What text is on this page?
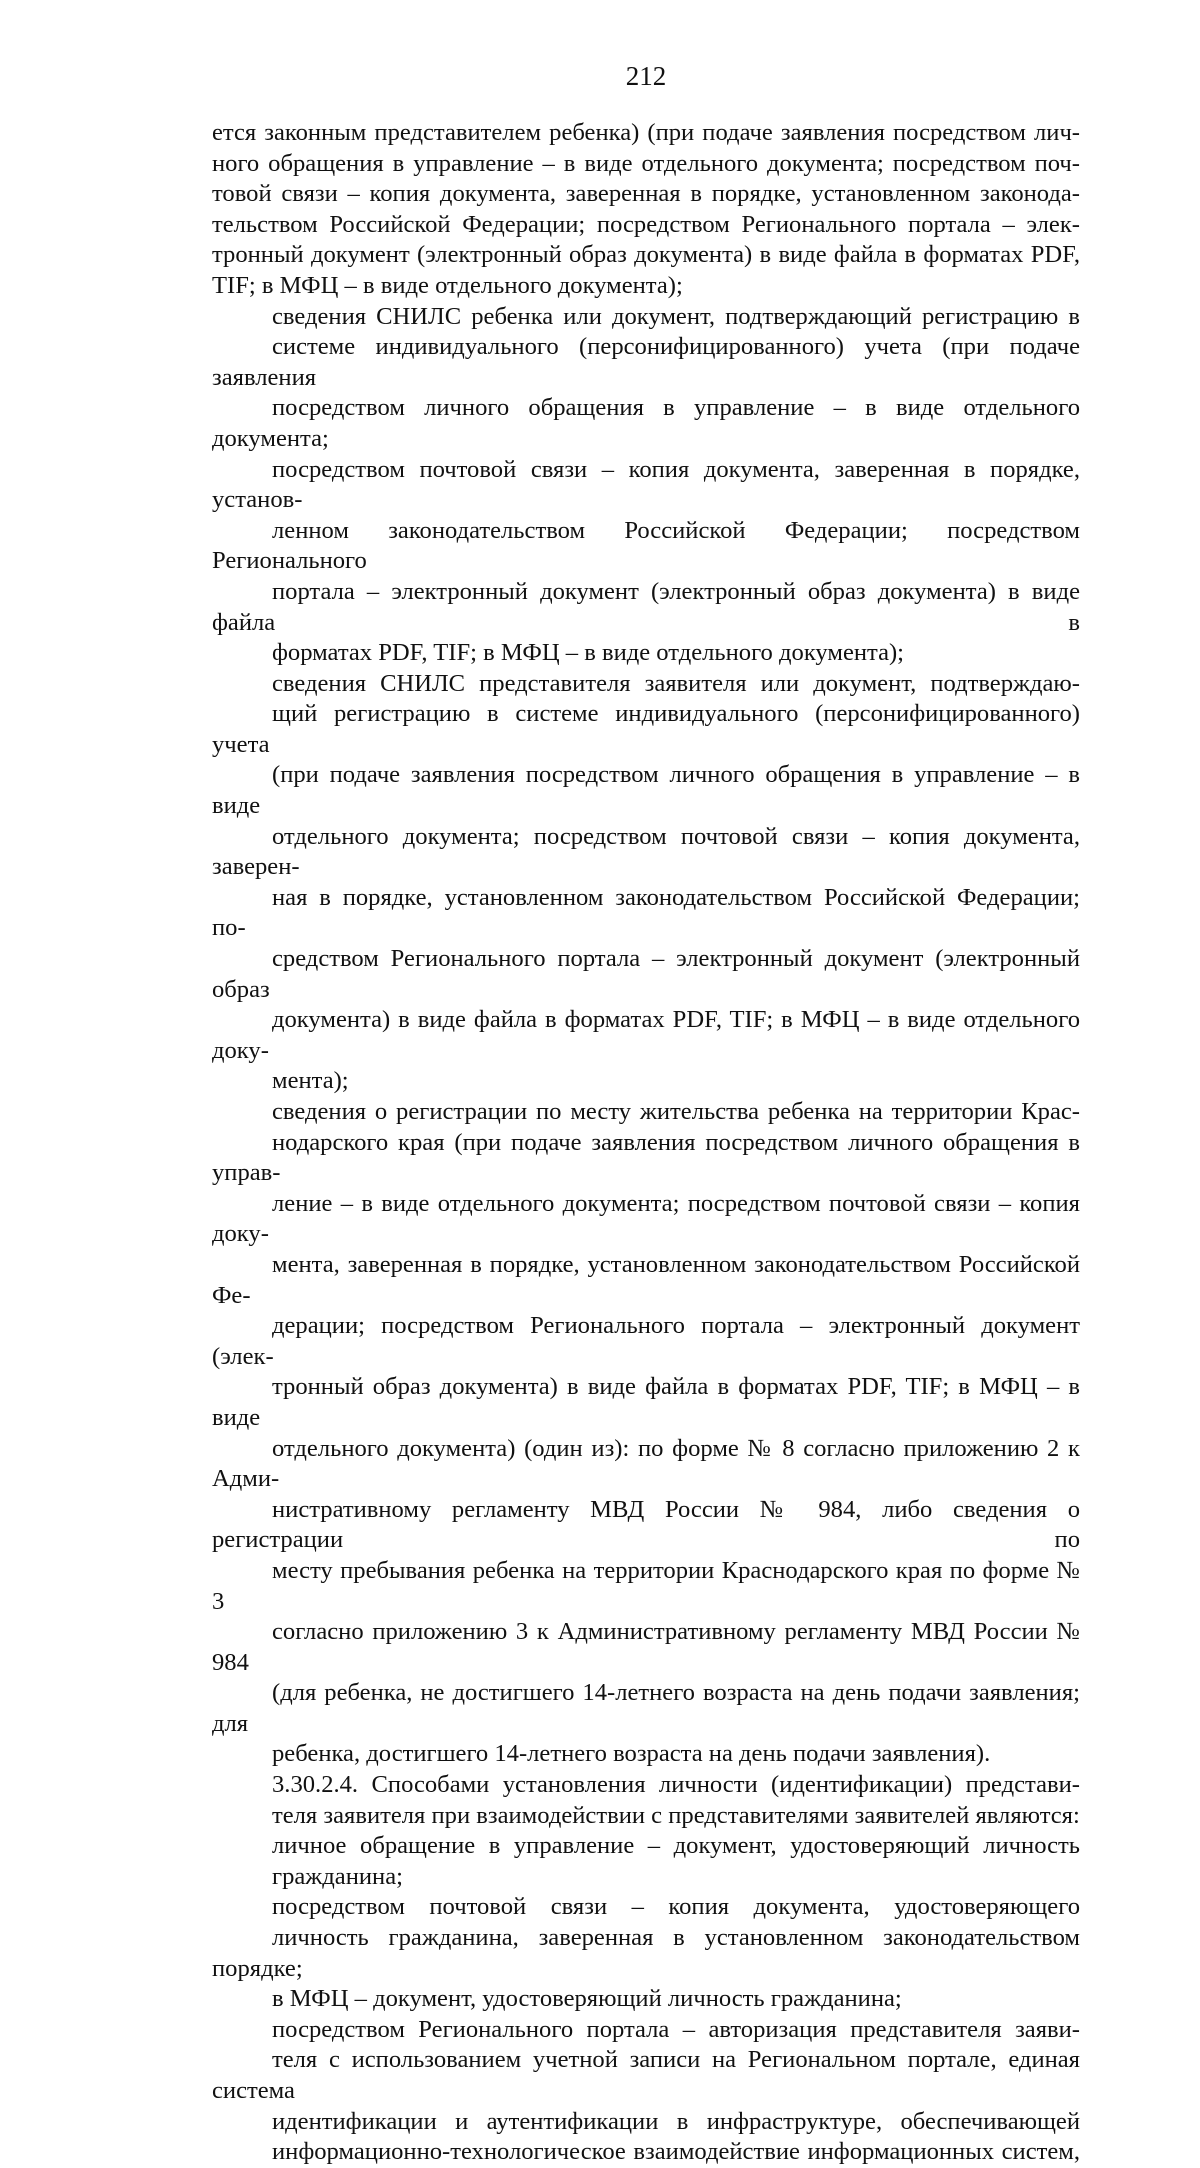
212

ется законным представителем ребенка) (при подаче заявления посредством лич-
ного обращения в управление – в виде отдельного документа; посредством поч-
товой связи – копия документа, заверенная в порядке, установленном законода-
тельством Российской Федерации; посредством Регионального портала – элек-
тронный документ (электронный образ документа) в виде файла в форматах PDF,
TIF; в МФЦ – в виде отдельного документа);

сведения СНИЛС ребенка или документ, подтверждающий регистрацию в
системе индивидуального (персонифицированного) учета (при подаче заявления
посредством личного обращения в управление – в виде отдельного документа;
посредством почтовой связи – копия документа, заверенная в порядке, установ-
ленном законодательством Российской Федерации; посредством Регионального
портала – электронный документ (электронный образ документа) в виде файла в
форматах PDF, TIF; в МФЦ – в виде отдельного документа);

сведения СНИЛС представителя заявителя или документ, подтверждаю-
щий регистрацию в системе индивидуального (персонифицированного) учета
(при подаче заявления посредством личного обращения в управление – в виде
отдельного документа; посредством почтовой связи – копия документа, заверен-
ная в порядке, установленном законодательством Российской Федерации; по-
средством Регионального портала – электронный документ (электронный образ
документа) в виде файла в форматах PDF, TIF; в МФЦ – в виде отдельного доку-
мента);

сведения о регистрации по месту жительства ребенка на территории Крас-
нодарского края (при подаче заявления посредством личного обращения в управ-
ление – в виде отдельного документа; посредством почтовой связи – копия доку-
мента, заверенная в порядке, установленном законодательством Российской Фе-
дерации; посредством Регионального портала – электронный документ (элек-
тронный образ документа) в виде файла в форматах PDF, TIF; в МФЦ – в виде
отдельного документа) (один из): по форме № 8 согласно приложению 2 к Адми-
нистративному регламенту МВД России № 984, либо сведения о регистрации по
месту пребывания ребенка на территории Краснодарского края по форме № 3
согласно приложению 3 к Административному регламенту МВД России № 984
(для ребенка, не достигшего 14-летнего возраста на день подачи заявления; для
ребенка, достигшего 14-летнего возраста на день подачи заявления).

3.30.2.4. Способами установления личности (идентификации) представи-
теля заявителя при взаимодействии с представителями заявителей являются:

личное обращение в управление – документ, удостоверяющий личность
гражданина;

посредством почтовой связи – копия документа, удостоверяющего
личность гражданина, заверенная в установленном законодательством порядке;

в МФЦ – документ, удостоверяющий личность гражданина;

посредством Регионального портала – авторизация представителя заяви-
теля с использованием учетной записи на Региональном портале, единая система
идентификации и аутентификации в инфраструктуре, обеспечивающей
информационно-технологическое взаимодействие информационных систем,
